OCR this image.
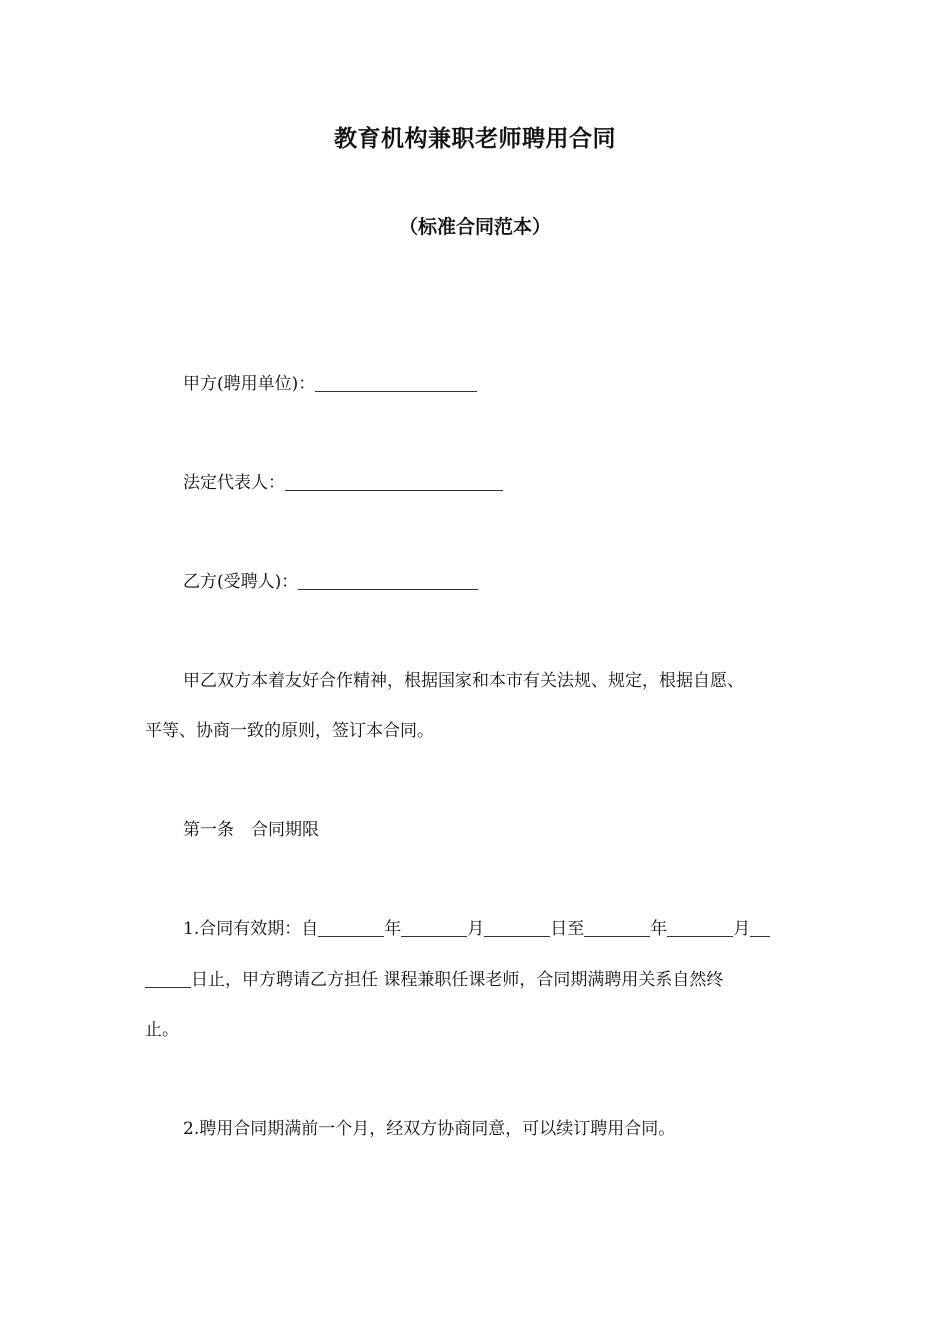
教育机构兼职老师聘用合同
（标准合同范本）
甲方(聘用单位)：
法定代表人：
乙方(受聘人)：
甲乙双方本着友好合作精神，根据国家和本市有关法规、规定，根据自愿、
平等、协商一致的原则，签订本合同。
第一条　合同期限
1.合同有效期：自	年	月	日至	年	月
日止，甲方聘请乙方担任 课程兼职任课老师，合同期满聘用关系自然终
止。
2.聘用合同期满前一个月，经双方协商同意，可以续订聘用合同。
